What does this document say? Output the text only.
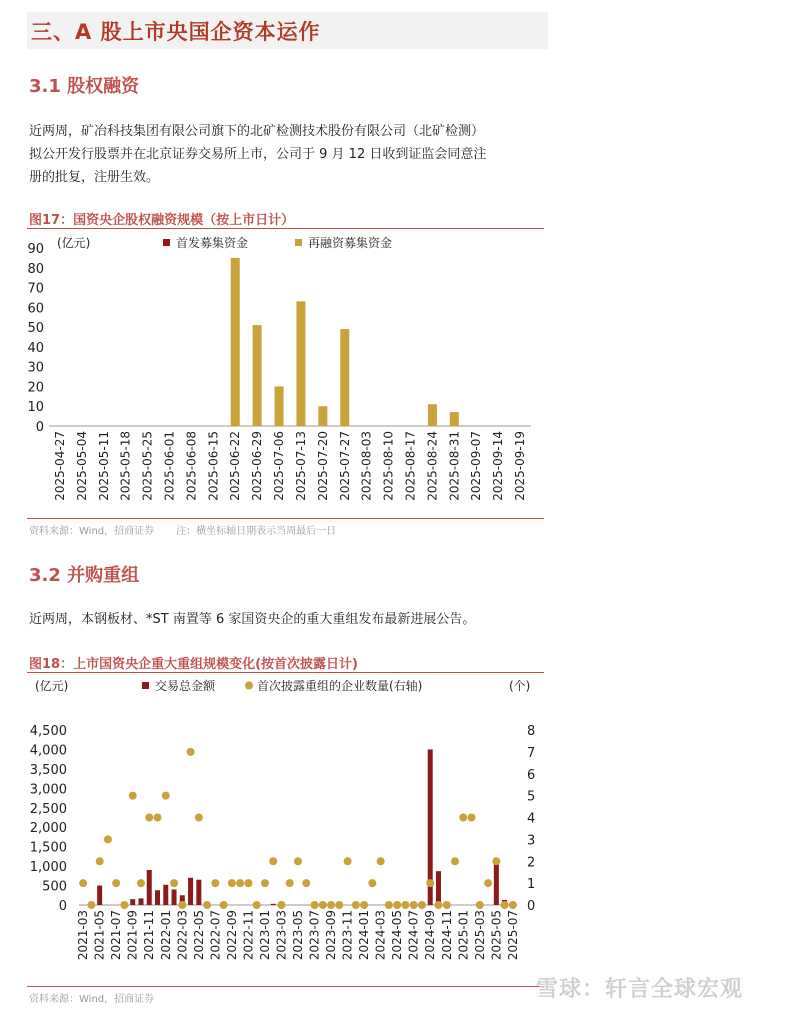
三、A 股上市央国企资本运作
3.1 股权融资
近两周，矿冶科技集团有限公司旗下的北矿检测技术股份有限公司（北矿检测）
拟公开发行股票并在北京证券交易所上市，公司于 9 月 12 日收到证监会同意注
册的批复，注册生效。
图17：国资央企股权融资规模（按上市日计）
0
10
20
30
40
50
60
70
80
90 (亿元)	首发募集资金	再融资募集资金
2025-04-27 2025-05-04 2025-05-11 2025-05-18 2025-05-25 2025-06-01 2025-06-08 2025-06-15 2025-06-22 2025-06-29 2025-07-06 2025-07-13 2025-07-20 2025-07-27 2025-08-03 2025-08-10 2025-08-17 2025-08-24 2025-08-31 2025-09-07 2025-09-14 2025-09-19
资料来源：Wind，招商证券 注：横坐标轴日期表示当周最后一日
3.2 并购重组
近两周，本钢板材、*ST 南置等 6 家国资央企的重大重组发布最新进展公告。
图18：上市国资央企重大重组规模变化(按首次披露日计)
0
500
1,000
1,500
2,000
2,500
3,000
3,500
4,000
4,500
0
1
2
3
4
5
6
7
8
(亿元)	(个)
交易总金额	首次披露重组的企业数量(右轴)
2021-03 2021-05 2021-07 2021-09 2021-11 2022-01 2022-03 2022-05 2022-07 2022-09 2022-11 2023-01 2023-03 2023-05 2023-07 2023-09 2023-11 2024-01 2024-03 2024-05 2024-07 2024-09 2024-11 2025-01 2025-03 2025-05 2025-07
资料来源：Wind，招商证券	雪球：轩言全球宏观
